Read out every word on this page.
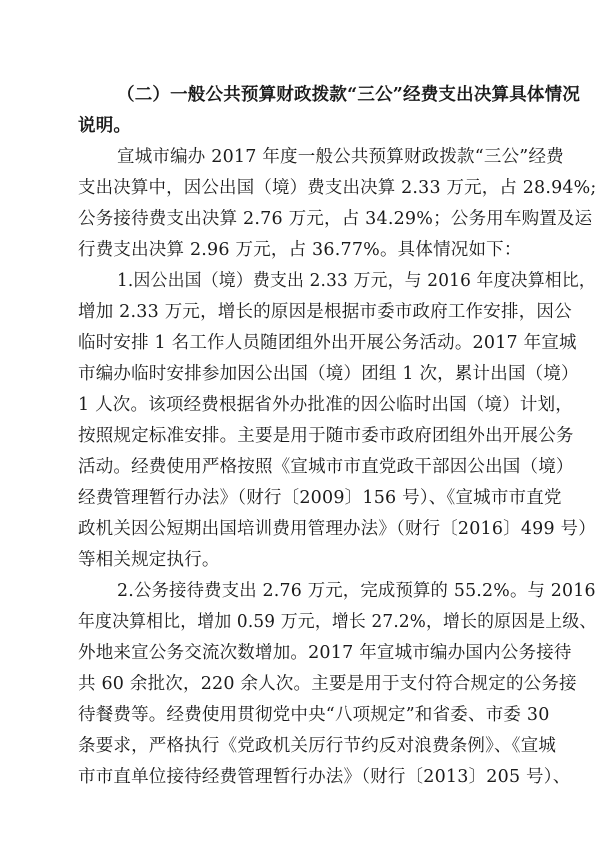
（二）一般公共预算财政拨款“三公”经费支出决算具体情况
说明。
宣城市编办 2017 年度一般公共预算财政拨款“三公”经费
支出决算中，因公出国（境）费支出决算 2.33 万元，占 28.94%;
公务接待费支出决算 2.76 万元，占 34.29%；公务用车购置及运
行费支出决算 2.96 万元，占 36.77%。具体情况如下：
1.因公出国（境）费支出 2.33 万元，与 2016 年度决算相比，
增加 2.33 万元，增长的原因是根据市委市政府工作安排，因公
临时安排 1 名工作人员随团组外出开展公务活动。2017 年宣城
市编办临时安排参加因公出国（境）团组 1 次，累计出国（境）
1 人次。该项经费根据省外办批准的因公临时出国（境）计划，
按照规定标准安排。主要是用于随市委市政府团组外出开展公务
活动。经费使用严格按照《宣城市市直党政干部因公出国（境）
经费管理暂行办法》（财行〔2009〕156 号）、《宣城市市直党
政机关因公短期出国培训费用管理办法》（财行〔2016〕499 号）
等相关规定执行。
2.公务接待费支出 2.76 万元，完成预算的 55.2%。与 2016
年度决算相比，增加 0.59 万元，增长 27.2%，增长的原因是上级、
外地来宣公务交流次数增加。2017 年宣城市编办国内公务接待
共 60 余批次，220 余人次。主要是用于支付符合规定的公务接
待餐费等。经费使用贯彻党中央“八项规定”和省委、市委 30
条要求，严格执行《党政机关厉行节约反对浪费条例》、《宣城
市市直单位接待经费管理暂行办法》（财行〔2013〕205 号）、
